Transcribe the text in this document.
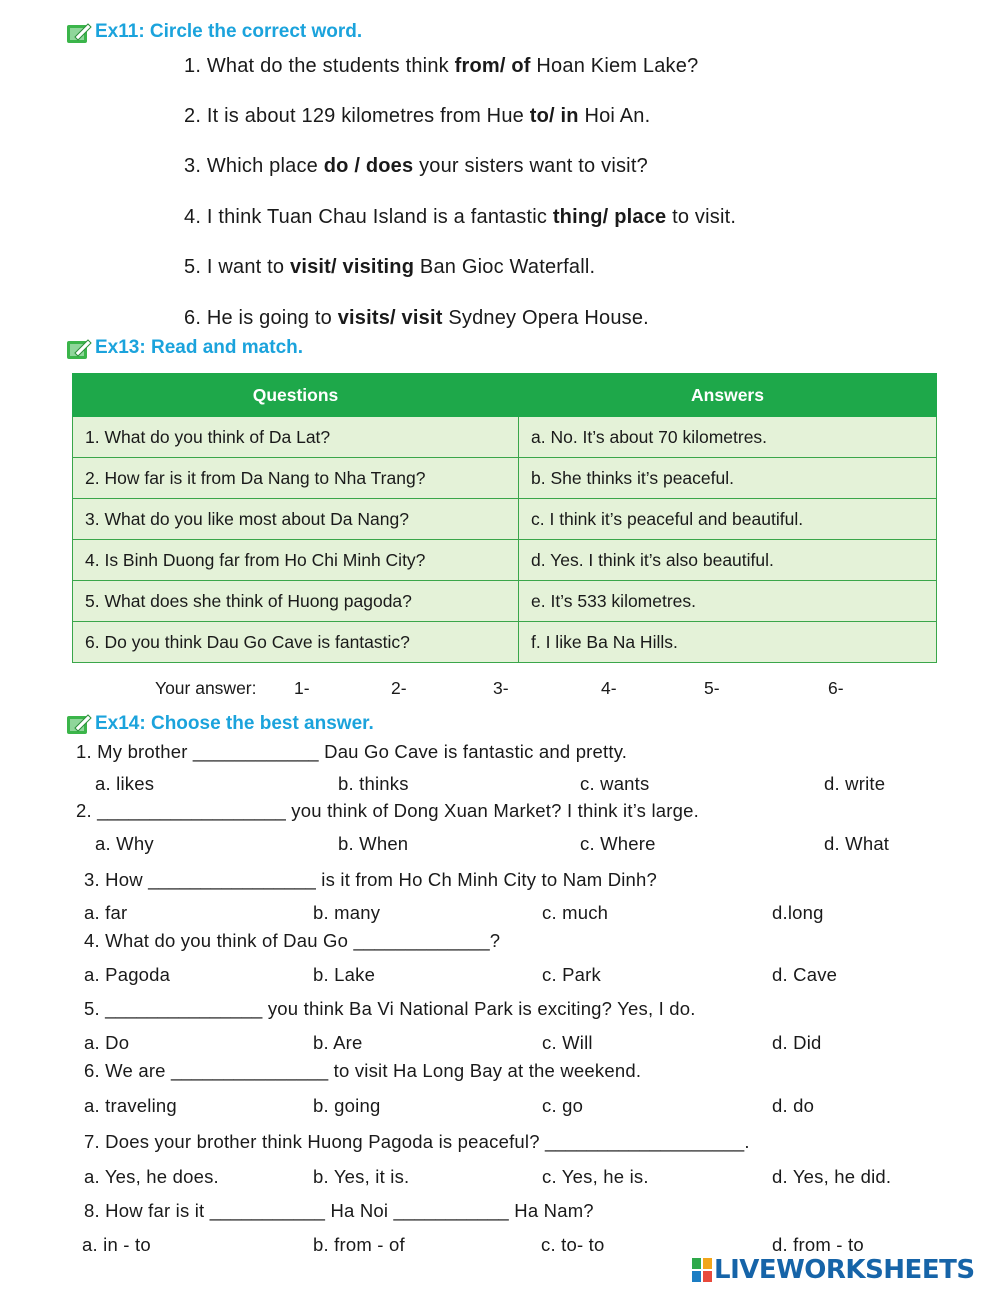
Ex11: Circle the correct word.
1. What do the students think from/ of Hoan Kiem Lake?
2. It is about 129 kilometres from Hue to/ in Hoi An.
3. Which place do / does your sisters want to visit?
4. I think Tuan Chau Island is a fantastic thing/ place to visit.
5. I want to visit/ visiting Ban Gioc Waterfall.
6. He is going to visits/ visit Sydney Opera House.
Ex13: Read and match.
Questions	Answers
1. What do you think of Da Lat?	a. No. It’s about 70 kilometres.
2. How far is it from Da Nang to Nha Trang?	b. She thinks it’s peaceful.
3. What do you like most about Da Nang?	c. I think it’s peaceful and beautiful.
4. Is Binh Duong far from Ho Chi Minh City?	d. Yes. I think it’s also beautiful.
5. What does she think of Huong pagoda?	e. It’s 533 kilometres.
6. Do you think Dau Go Cave is fantastic?	f. I like Ba Na Hills.
Your answer: 1-	2-	3-	4-	5-	6-
Ex14: Choose the best answer.
1. My brother ____________ Dau Go Cave is fantastic and pretty.
a. likes	b. thinks	c. wants	d. write
2. __________________ you think of Dong Xuan Market? I think it’s large.
a. Why	b. When	c. Where	d. What
3. How ________________ is it from Ho Ch Minh City to Nam Dinh?
a. far	b. many	c. much	d.long
4. What do you think of Dau Go _____________?
a. Pagoda	b. Lake	c. Park	d. Cave
5. _______________ you think Ba Vi National Park is exciting? Yes, I do.
a. Do	b. Are	c. Will	d. Did
6. We are _______________ to visit Ha Long Bay at the weekend.
a. traveling	b. going	c. go	d. do
7. Does your brother think Huong Pagoda is peaceful? ___________________.
a. Yes, he does.	b. Yes, it is.	c. Yes, he is.	d. Yes, he did.
8. How far is it ___________ Ha Noi ___________ Ha Nam?
a. in - to	b. from - of	c. to- to	d. from - to
LIVEWORKSHEETS
